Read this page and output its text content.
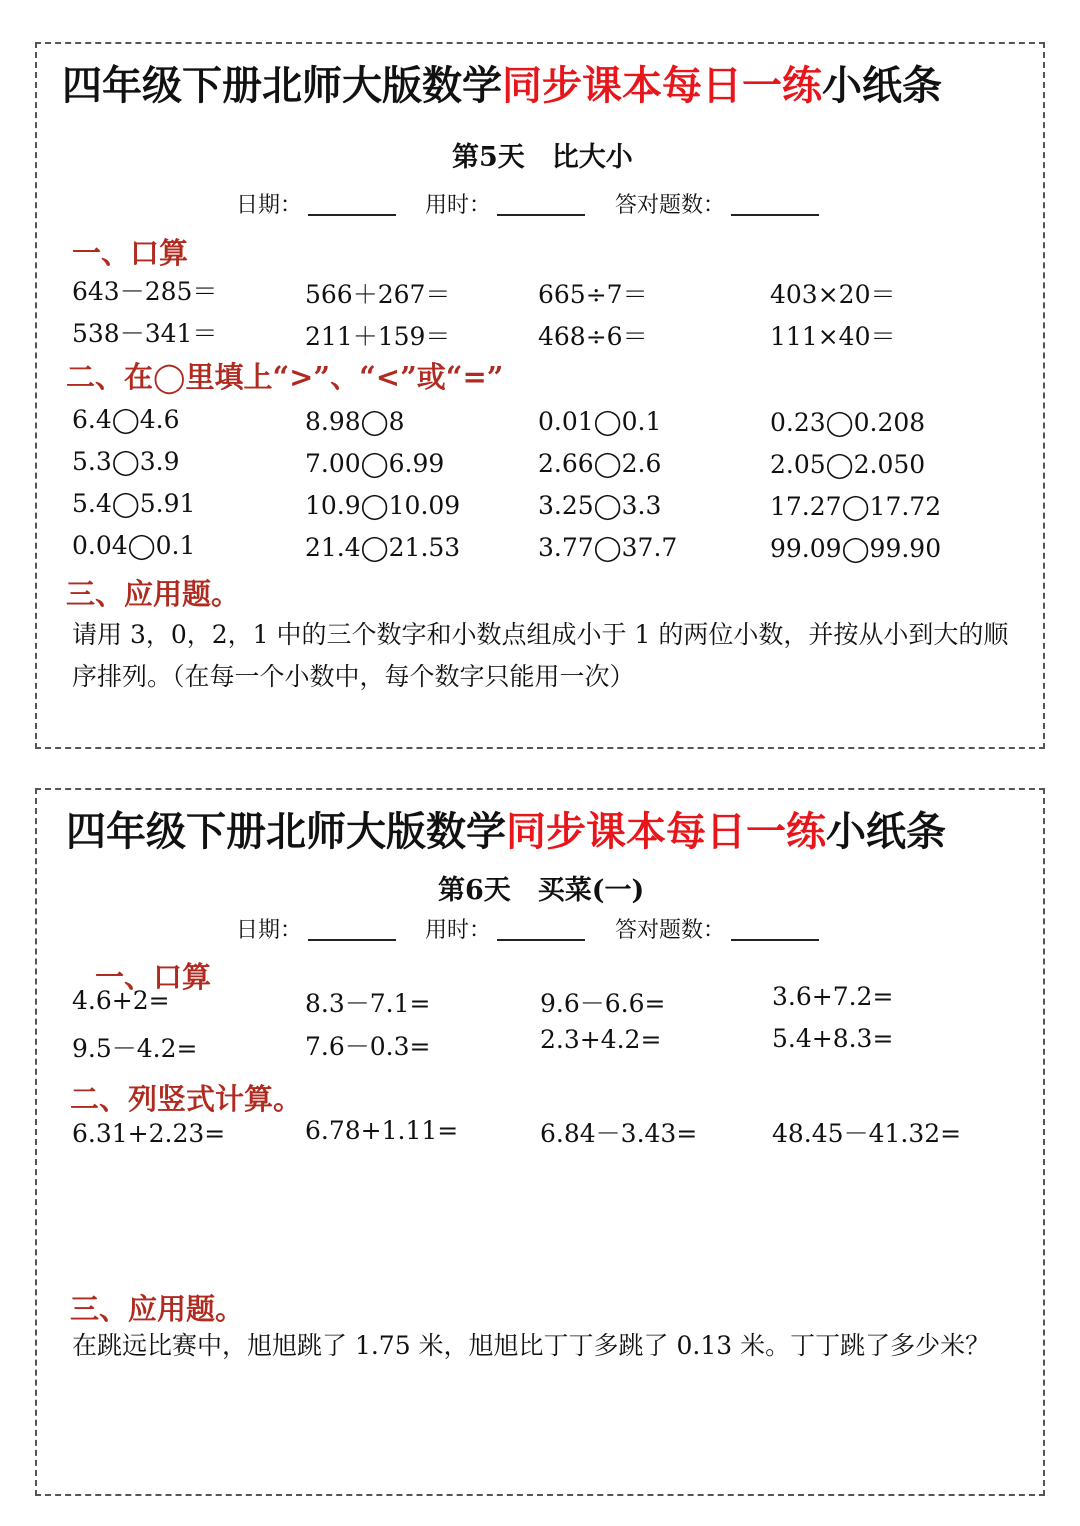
四年级下册北师大版数学同步课本每日一练小纸条
第5天　比大小
日期：	用时：	答对题数：
一、口算
643－285＝	566＋267＝	665÷7＝	403×20＝
538－341＝	211＋159＝	468÷6＝	111×40＝
二、在◯里填上“>”、“<”或“=”
6.4◯4.6	8.98◯8	0.01◯0.1	0.23◯0.208
5.3◯3.9	7.00◯6.99	2.66◯2.6	2.05◯2.050
5.4◯5.91	10.9◯10.09	3.25◯3.3	17.27◯17.72
0.04◯0.1	21.4◯21.53	3.77◯37.7	99.09◯99.90
三、应用题。
请用 3，0，2，1 中的三个数字和小数点组成小于 1 的两位小数，并按从小到大的顺序排列。（在每一个小数中，每个数字只能用一次）
四年级下册北师大版数学同步课本每日一练小纸条
第6天　买菜(一)
日期：	用时：	答对题数：
一、口算
4.6+2=	8.3－7.1=	9.6－6.6=	3.6+7.2=
9.5－4.2=	7.6－0.3=	2.3+4.2=	5.4+8.3=
二、列竖式计算。
6.31+2.23=	6.78+1.11=	6.84－3.43=	48.45－41.32=
三、应用题。
在跳远比赛中，旭旭跳了 1.75 米，旭旭比丁丁多跳了 0.13 米。丁丁跳了多少米？
